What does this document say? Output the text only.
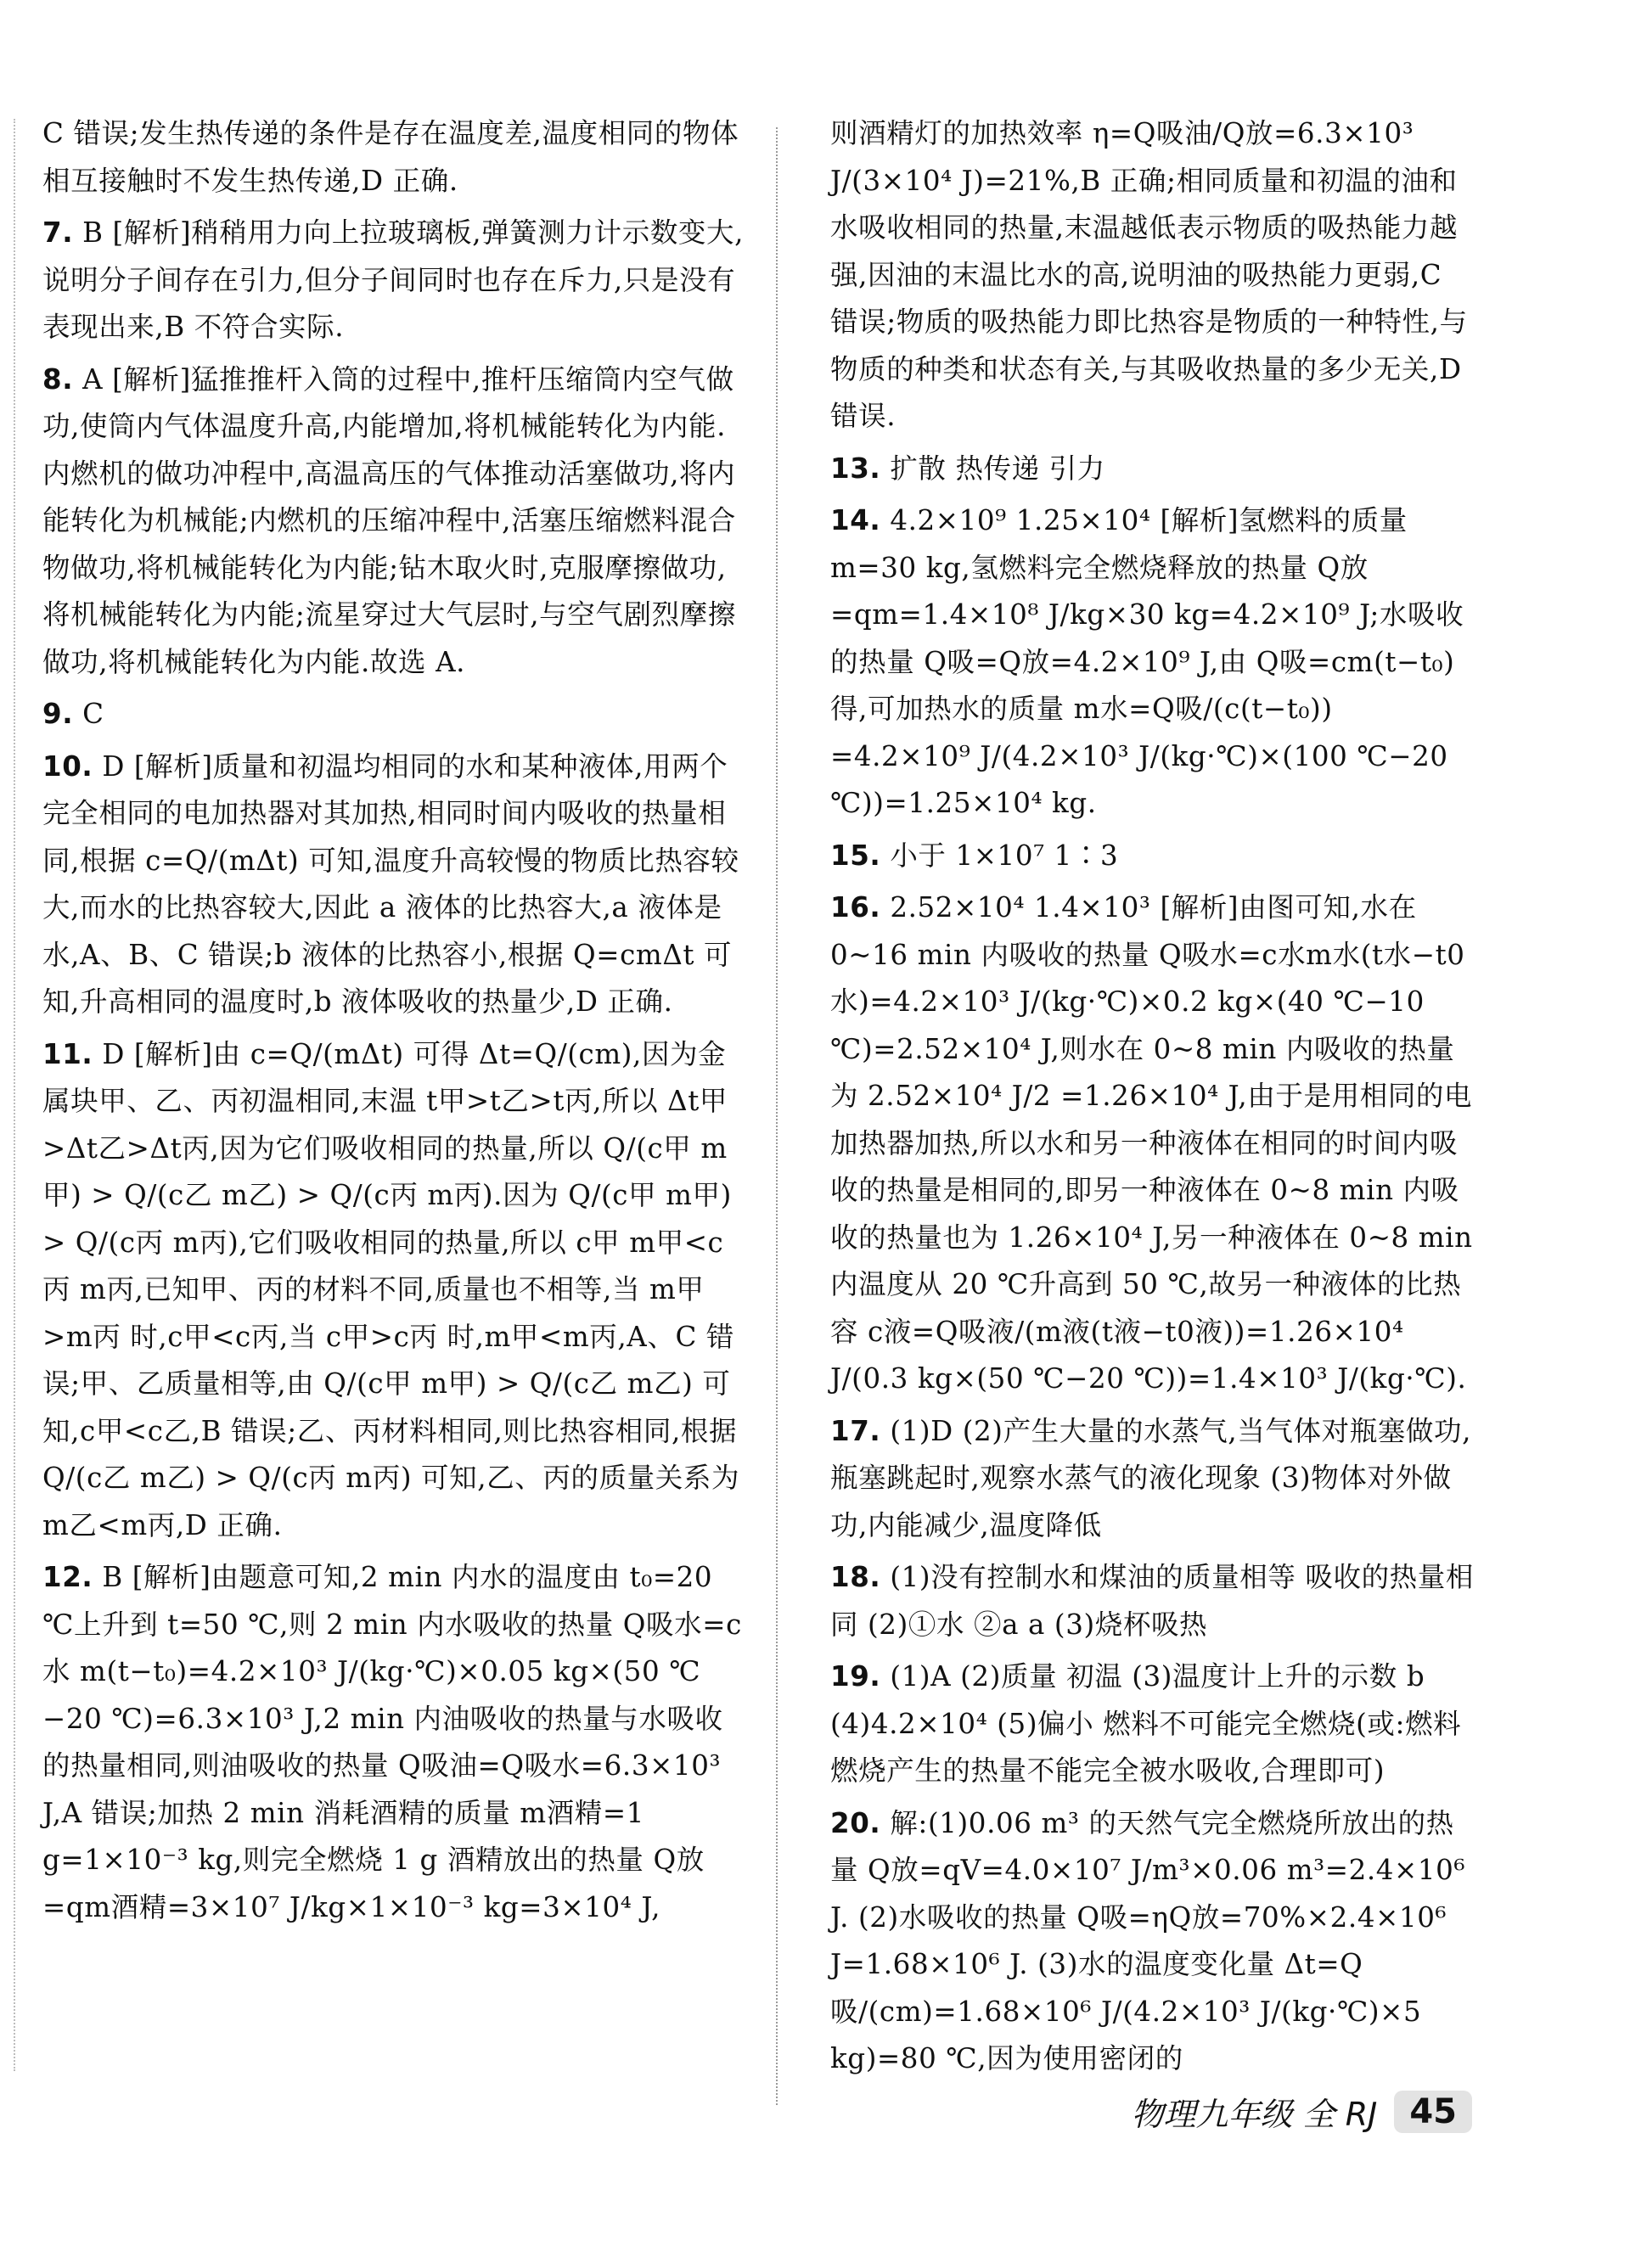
C 错误;发生热传递的条件是存在温度差,温度相同的物体相互接触时不发生热传递,D 正确.

7. B [解析]稍稍用力向上拉玻璃板,弹簧测力计示数变大,说明分子间存在引力,但分子间同时也存在斥力,只是没有表现出来,B 不符合实际.

8. A [解析]猛推推杆入筒的过程中,推杆压缩筒内空气做功,使筒内气体温度升高,内能增加,将机械能转化为内能.内燃机的做功冲程中,高温高压的气体推动活塞做功,将内能转化为机械能;内燃机的压缩冲程中,活塞压缩燃料混合物做功,将机械能转化为内能;钻木取火时,克服摩擦做功,将机械能转化为内能;流星穿过大气层时,与空气剧烈摩擦做功,将机械能转化为内能.故选 A.

9. C

10. D [解析]质量和初温均相同的水和某种液体,用两个完全相同的电加热器对其加热,相同时间内吸收的热量相同,根据 c=Q/(mΔt) 可知,温度升高较慢的物质比热容较大,而水的比热容较大,因此 a 液体的比热容大,a 液体是水,A、B、C 错误;b 液体的比热容小,根据 Q=cmΔt 可知,升高相同的温度时,b 液体吸收的热量少,D 正确.

11. D [解析]由 c=Q/(mΔt) 可得 Δt=Q/(cm),因为金属块甲、乙、丙初温相同,末温 t甲>t乙>t丙,所以 Δt甲>Δt乙>Δt丙,因为它们吸收相同的热量,所以 Q/(c甲 m甲) > Q/(c乙 m乙) > Q/(c丙 m丙).因为 Q/(c甲 m甲) > Q/(c丙 m丙),它们吸收相同的热量,所以 c甲 m甲<c丙 m丙,已知甲、丙的材料不同,质量也不相等,当 m甲>m丙 时,c甲<c丙,当 c甲>c丙 时,m甲<m丙,A、C 错误;甲、乙质量相等,由 Q/(c甲 m甲) > Q/(c乙 m乙) 可知,c甲<c乙,B 错误;乙、丙材料相同,则比热容相同,根据 Q/(c乙 m乙) > Q/(c丙 m丙) 可知,乙、丙的质量关系为 m乙<m丙,D 正确.

12. B [解析]由题意可知,2 min 内水的温度由 t₀=20 ℃上升到 t=50 ℃,则 2 min 内水吸收的热量 Q吸水=c水 m(t−t₀)=4.2×10³ J/(kg·℃)×0.05 kg×(50 ℃−20 ℃)=6.3×10³ J,2 min 内油吸收的热量与水吸收的热量相同,则油吸收的热量 Q吸油=Q吸水=6.3×10³ J,A 错误;加热 2 min 消耗酒精的质量 m酒精=1 g=1×10⁻³ kg,则完全燃烧 1 g 酒精放出的热量 Q放=qm酒精=3×10⁷ J/kg×1×10⁻³ kg=3×10⁴ J,

则酒精灯的加热效率 η=Q吸油/Q放=6.3×10³ J/(3×10⁴ J)=21%,B 正确;相同质量和初温的油和水吸收相同的热量,末温越低表示物质的吸热能力越强,因油的末温比水的高,说明油的吸热能力更弱,C 错误;物质的吸热能力即比热容是物质的一种特性,与物质的种类和状态有关,与其吸收热量的多少无关,D 错误.

13. 扩散 热传递 引力

14. 4.2×10⁹ 1.25×10⁴ [解析]氢燃料的质量 m=30 kg,氢燃料完全燃烧释放的热量 Q放=qm=1.4×10⁸ J/kg×30 kg=4.2×10⁹ J;水吸收的热量 Q吸=Q放=4.2×10⁹ J,由 Q吸=cm(t−t₀)得,可加热水的质量 m水=Q吸/(c(t−t₀)) =4.2×10⁹ J/(4.2×10³ J/(kg·℃)×(100 ℃−20 ℃))=1.25×10⁴ kg.

15. 小于 1×10⁷ 1∶3

16. 2.52×10⁴ 1.4×10³ [解析]由图可知,水在 0~16 min 内吸收的热量 Q吸水=c水m水(t水−t0水)=4.2×10³ J/(kg·℃)×0.2 kg×(40 ℃−10 ℃)=2.52×10⁴ J,则水在 0~8 min 内吸收的热量为 2.52×10⁴ J/2 =1.26×10⁴ J,由于是用相同的电加热器加热,所以水和另一种液体在相同的时间内吸收的热量是相同的,即另一种液体在 0~8 min 内吸收的热量也为 1.26×10⁴ J,另一种液体在 0~8 min 内温度从 20 ℃升高到 50 ℃,故另一种液体的比热容 c液=Q吸液/(m液(t液−t0液))=1.26×10⁴ J/(0.3 kg×(50 ℃−20 ℃))=1.4×10³ J/(kg·℃).

17. (1)D (2)产生大量的水蒸气,当气体对瓶塞做功,瓶塞跳起时,观察水蒸气的液化现象 (3)物体对外做功,内能减少,温度降低

18. (1)没有控制水和煤油的质量相等 吸收的热量相同 (2)①水 ②a a (3)烧杯吸热

19. (1)A (2)质量 初温 (3)温度计上升的示数 b (4)4.2×10⁴ (5)偏小 燃料不可能完全燃烧(或:燃料燃烧产生的热量不能完全被水吸收,合理即可)

20. 解:(1)0.06 m³ 的天然气完全燃烧所放出的热量 Q放=qV=4.0×10⁷ J/m³×0.06 m³=2.4×10⁶ J. (2)水吸收的热量 Q吸=ηQ放=70%×2.4×10⁶ J=1.68×10⁶ J. (3)水的温度变化量 Δt=Q吸/(cm)=1.68×10⁶ J/(4.2×10³ J/(kg·℃)×5 kg)=80 ℃,因为使用密闭的

物理九年级 全 RJ 45
